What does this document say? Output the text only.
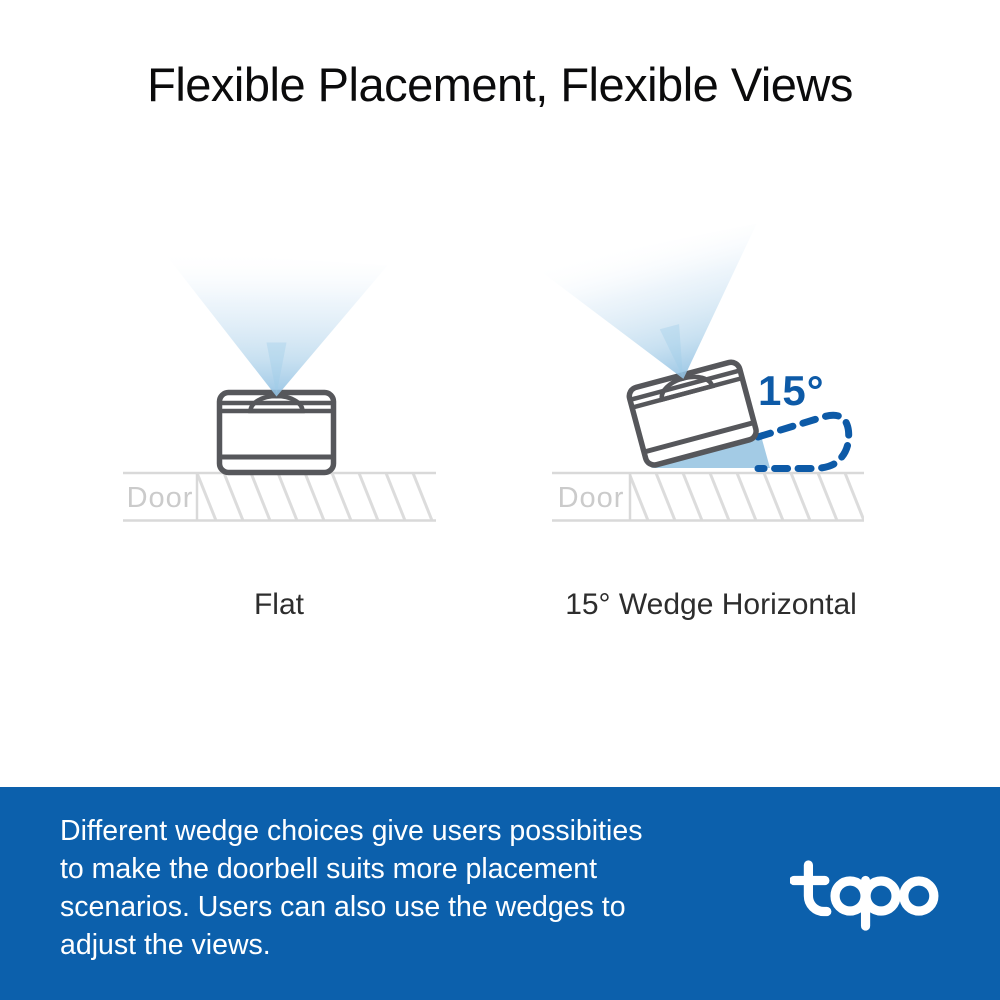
Flexible Placement, Flexible Views
Door	Door
15°
Flat	15° Wedge Horizontal
Different wedge choices give users possibities
to make the doorbell suits more placement
scenarios. Users can also use the wedges to
adjust the views.
